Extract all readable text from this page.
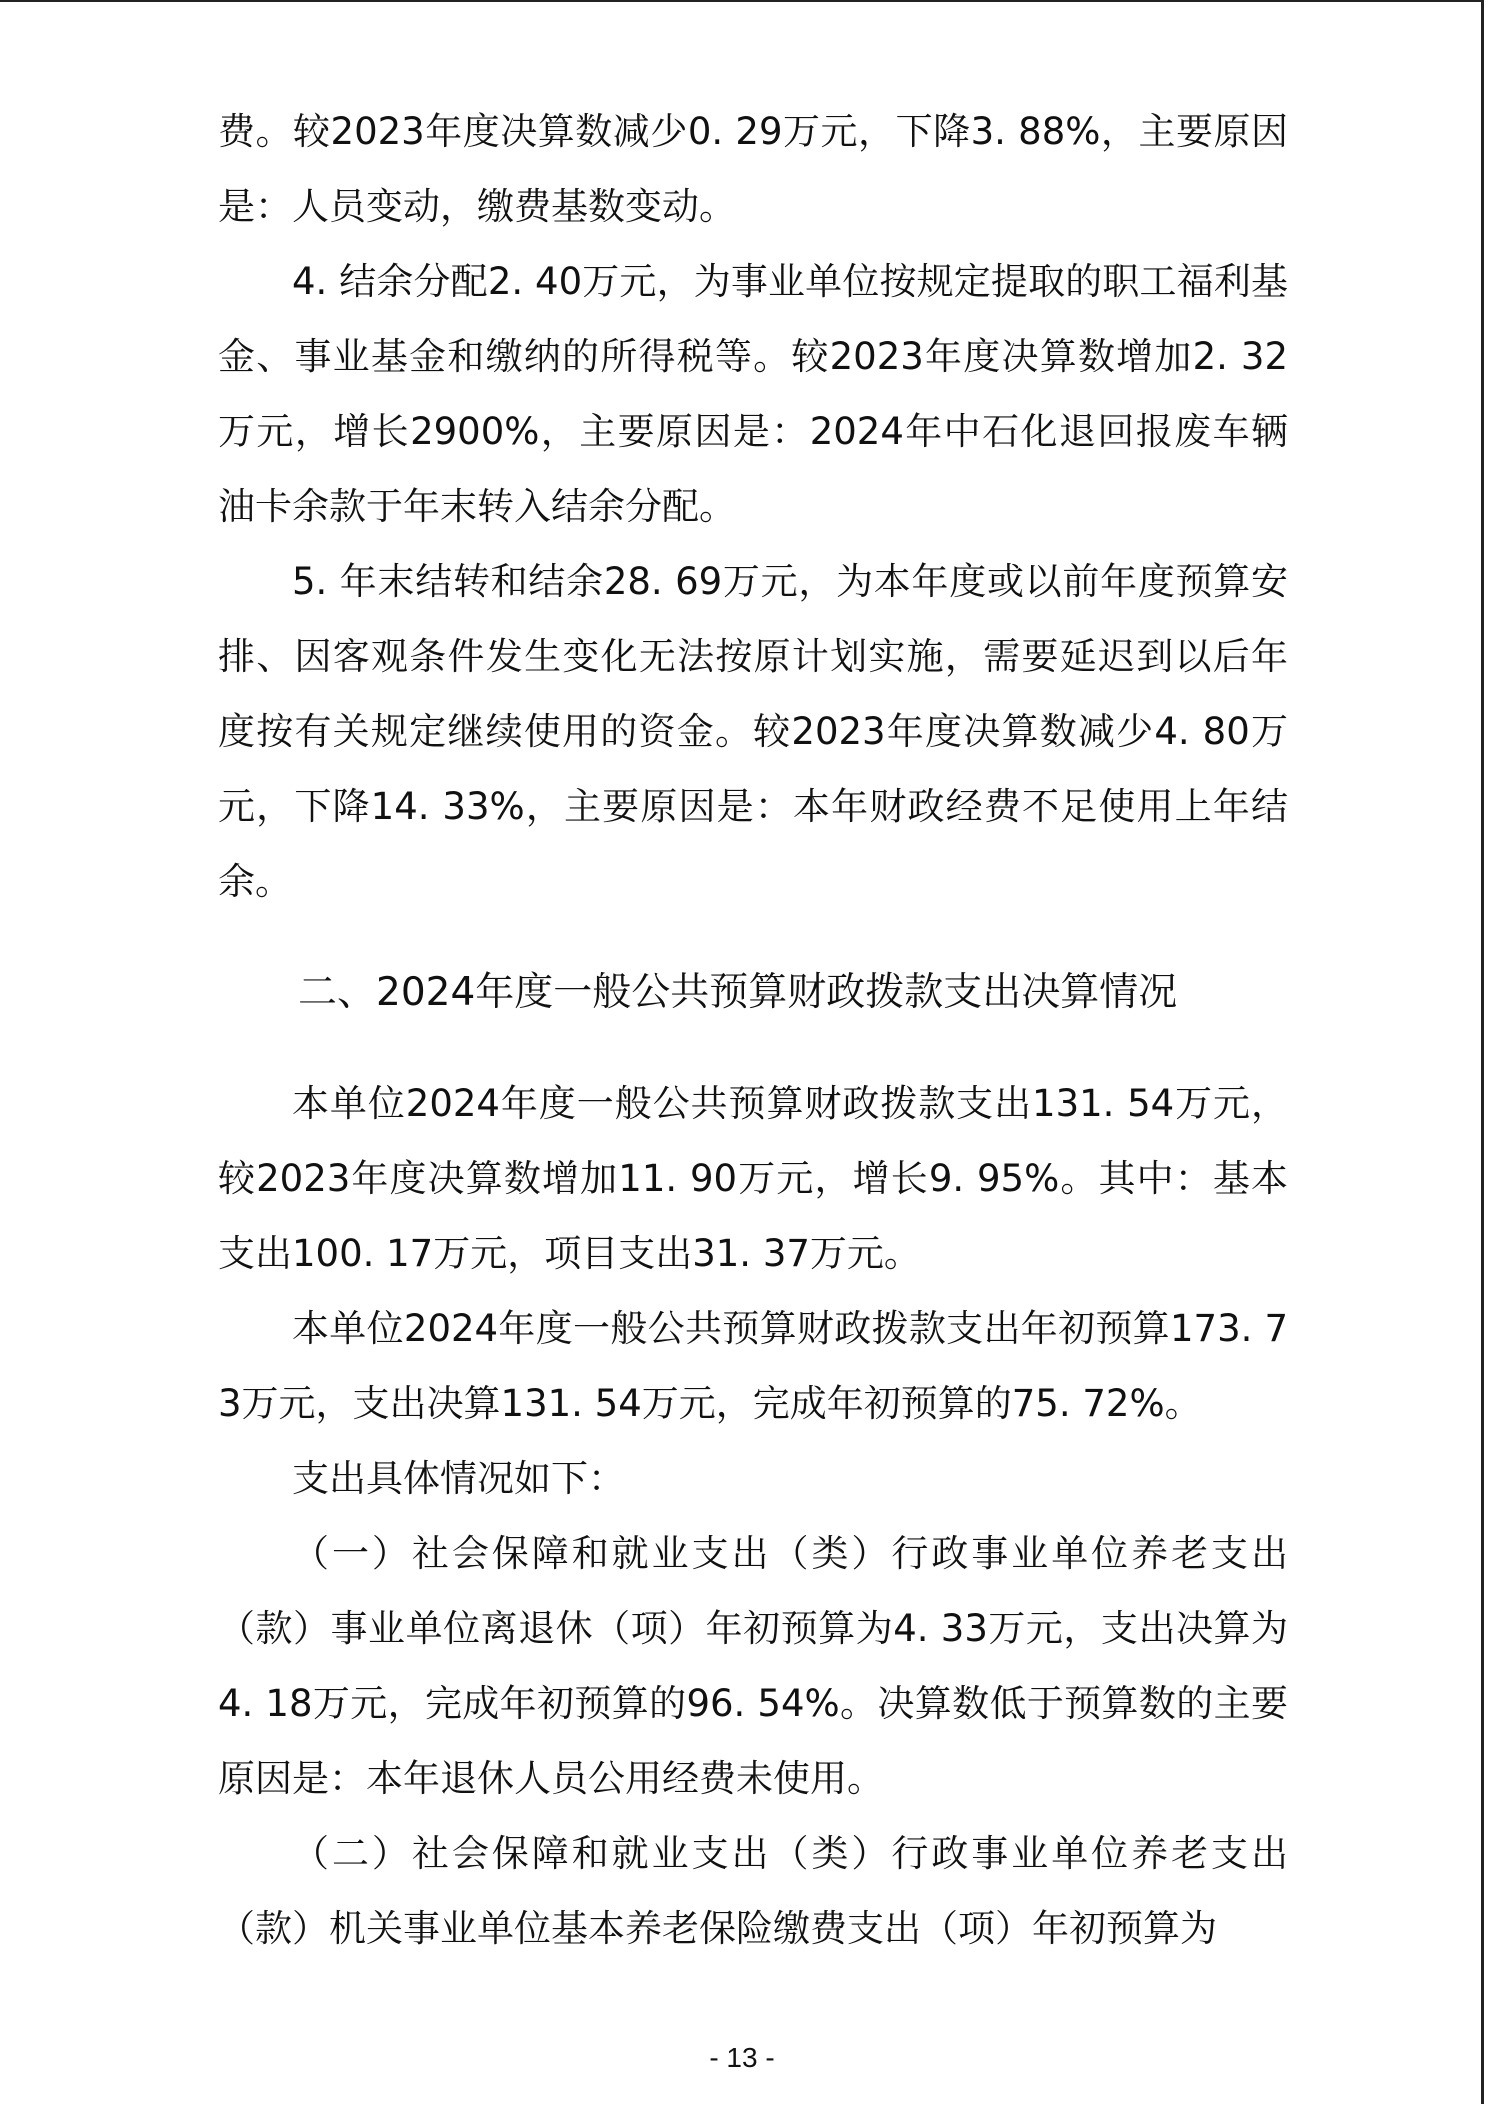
费。较2023年度决算数减少0. 29万元，下降3. 88%，主要原因是：人员变动，缴费基数变动。

4. 结余分配2. 40万元，为事业单位按规定提取的职工福利基金、事业基金和缴纳的所得税等。较2023年度决算数增加2. 32万元，增长2900%，主要原因是：2024年中石化退回报废车辆油卡余款于年末转入结余分配。

5. 年末结转和结余28. 69万元，为本年度或以前年度预算安排、因客观条件发生变化无法按原计划实施，需要延迟到以后年度按有关规定继续使用的资金。较2023年度决算数减少4. 80万元，下降14. 33%，主要原因是：本年财政经费不足使用上年结余。

二、2024年度一般公共预算财政拨款支出决算情况

本单位2024年度一般公共预算财政拨款支出131. 54万元，较2023年度决算数增加11. 90万元，增长9. 95%。其中：基本支出100. 17万元，项目支出31. 37万元。

本单位2024年度一般公共预算财政拨款支出年初预算173. 73万元，支出决算131. 54万元，完成年初预算的75. 72%。

支出具体情况如下：

（一）社会保障和就业支出（类）行政事业单位养老支出（款）事业单位离退休（项）年初预算为4. 33万元，支出决算为4. 18万元，完成年初预算的96. 54%。决算数低于预算数的主要原因是：本年退休人员公用经费未使用。

（二）社会保障和就业支出（类）行政事业单位养老支出（款）机关事业单位基本养老保险缴费支出（项）年初预算为

- 13 -
